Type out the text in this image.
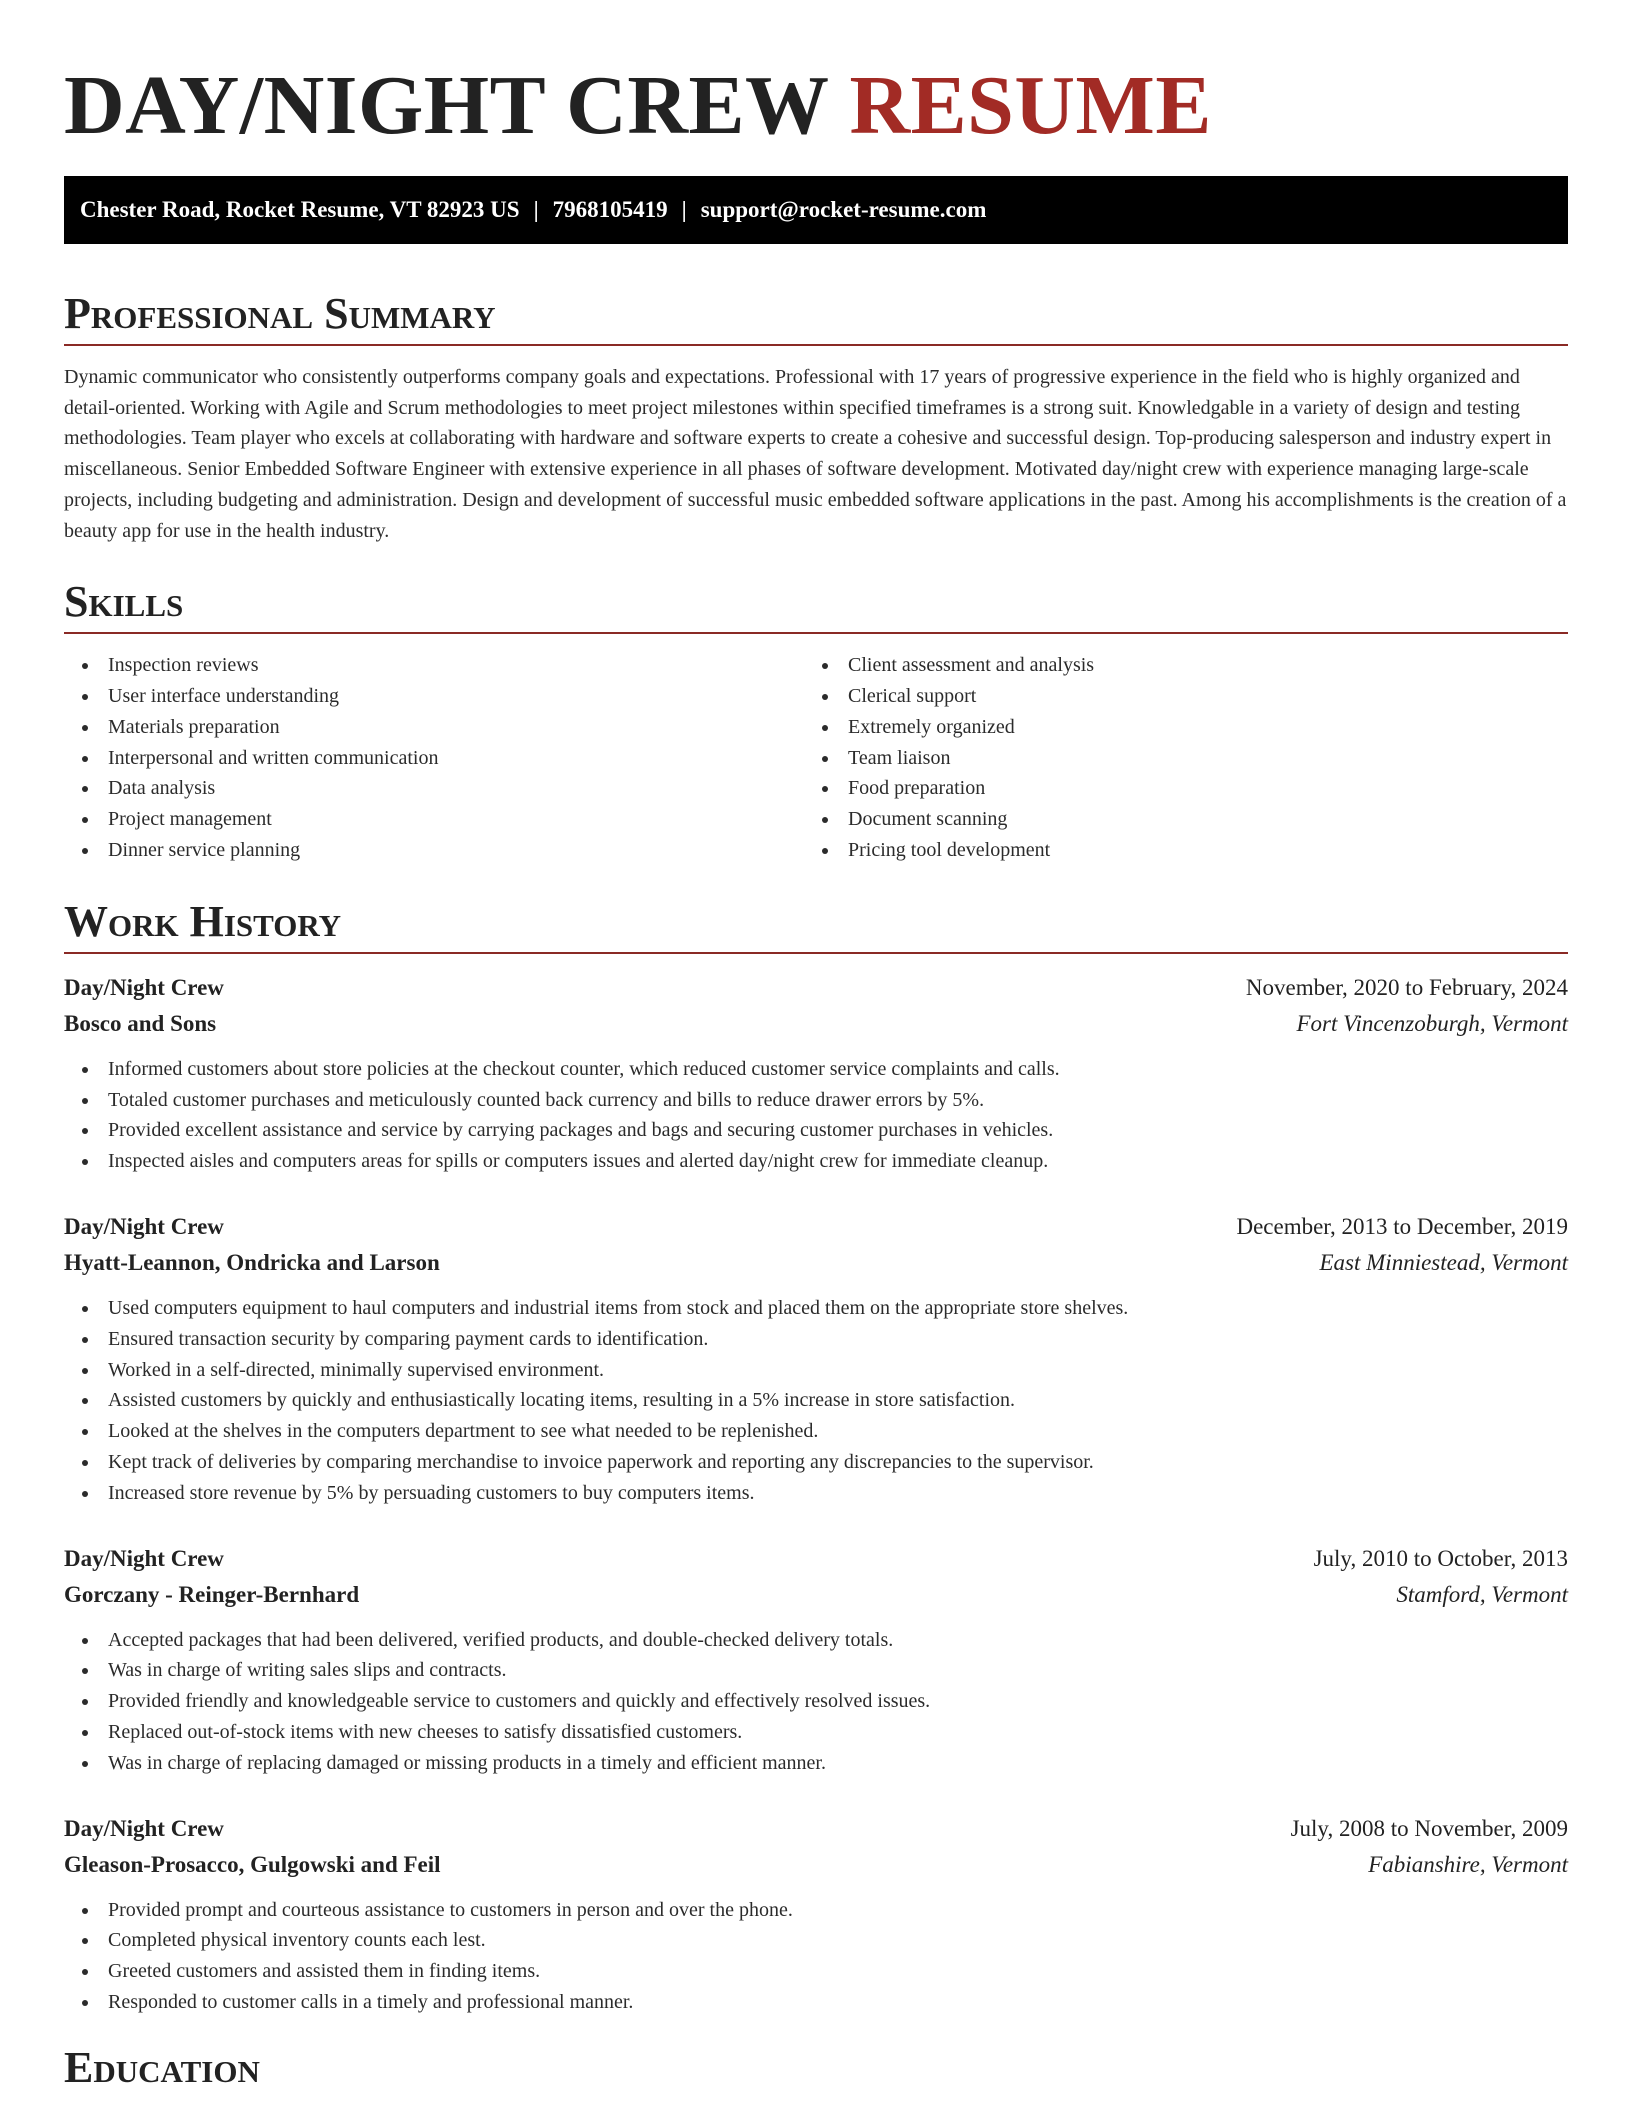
DAY/NIGHT CREW RESUME
Chester Road, Rocket Resume, VT 82923 US | 7968105419 | support@rocket-resume.com
Professional Summary

Dynamic communicator who consistently outperforms company goals and expectations. Professional with 17 years of progressive experience in the field who is highly organized and detail-oriented. Working with Agile and Scrum methodologies to meet project milestones within specified timeframes is a strong suit. Knowledgable in a variety of design and testing methodologies. Team player who excels at collaborating with hardware and software experts to create a cohesive and successful design. Top-producing salesperson and industry expert in miscellaneous. Senior Embedded Software Engineer with extensive experience in all phases of software development. Motivated day/night crew with experience managing large-scale projects, including budgeting and administration. Design and development of successful music embedded software applications in the past. Among his accomplishments is the creation of a beauty app for use in the health industry.

Skills
Inspection reviews
User interface understanding
Materials preparation
Interpersonal and written communication
Data analysis
Project management
Dinner service planning
Client assessment and analysis
Clerical support
Extremely organized
Team liaison
Food preparation
Document scanning
Pricing tool development
Work History
Day/Night Crew	November, 2020 to February, 2024
Bosco and Sons	Fort Vincenzoburgh, Vermont
Informed customers about store policies at the checkout counter, which reduced customer service complaints and calls.
Totaled customer purchases and meticulously counted back currency and bills to reduce drawer errors by 5%.
Provided excellent assistance and service by carrying packages and bags and securing customer purchases in vehicles.
Inspected aisles and computers areas for spills or computers issues and alerted day/night crew for immediate cleanup.
Day/Night Crew	December, 2013 to December, 2019
Hyatt-Leannon, Ondricka and Larson	East Minniestead, Vermont
Used computers equipment to haul computers and industrial items from stock and placed them on the appropriate store shelves.
Ensured transaction security by comparing payment cards to identification.
Worked in a self-directed, minimally supervised environment.
Assisted customers by quickly and enthusiastically locating items, resulting in a 5% increase in store satisfaction.
Looked at the shelves in the computers department to see what needed to be replenished.
Kept track of deliveries by comparing merchandise to invoice paperwork and reporting any discrepancies to the supervisor.
Increased store revenue by 5% by persuading customers to buy computers items.
Day/Night Crew	July, 2010 to October, 2013
Gorczany - Reinger-Bernhard	Stamford, Vermont
Accepted packages that had been delivered, verified products, and double-checked delivery totals.
Was in charge of writing sales slips and contracts.
Provided friendly and knowledgeable service to customers and quickly and effectively resolved issues.
Replaced out-of-stock items with new cheeses to satisfy dissatisfied customers.
Was in charge of replacing damaged or missing products in a timely and efficient manner.
Day/Night Crew	July, 2008 to November, 2009
Gleason-Prosacco, Gulgowski and Feil	Fabianshire, Vermont
Provided prompt and courteous assistance to customers in person and over the phone.
Completed physical inventory counts each lest.
Greeted customers and assisted them in finding items.
Responded to customer calls in a timely and professional manner.
Education
